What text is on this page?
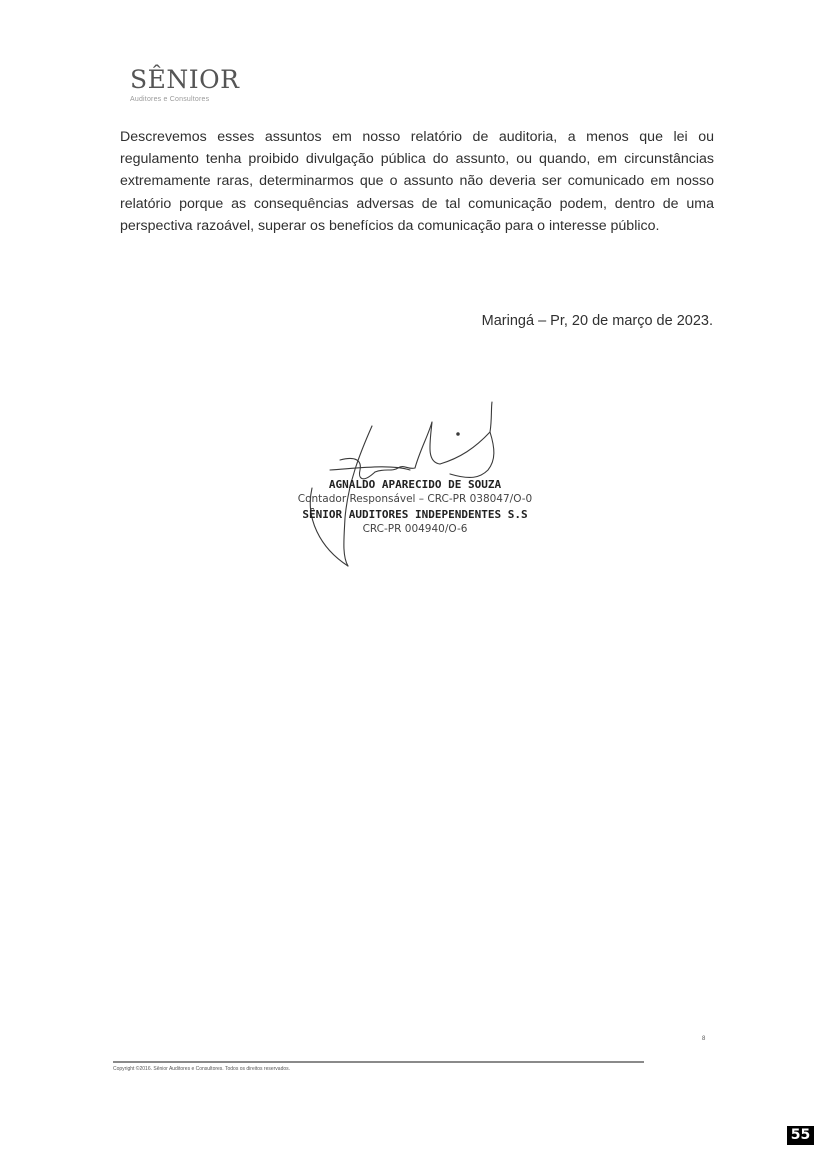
SÊNIOR
Auditores e Consultores
Descrevemos esses assuntos em nosso relatório de auditoria, a menos que lei ou regulamento tenha proibido divulgação pública do assunto, ou quando, em circunstâncias extremamente raras, determinarmos que o assunto não deveria ser comunicado em nosso relatório porque as consequências adversas de tal comunicação podem, dentro de uma perspectiva razoável, superar os benefícios da comunicação para o interesse público.
Maringá – Pr, 20 de março de 2023.
AGNALDO APARECIDO DE SOUZA
Contador Responsável – CRC-PR 038047/O-0
SÊNIOR AUDITORES INDEPENDENTES S.S
CRC-PR 004940/O-6
8
Copyright ©2016. Sênior Auditores e Consultores. Todos os direitos reservados.
55
